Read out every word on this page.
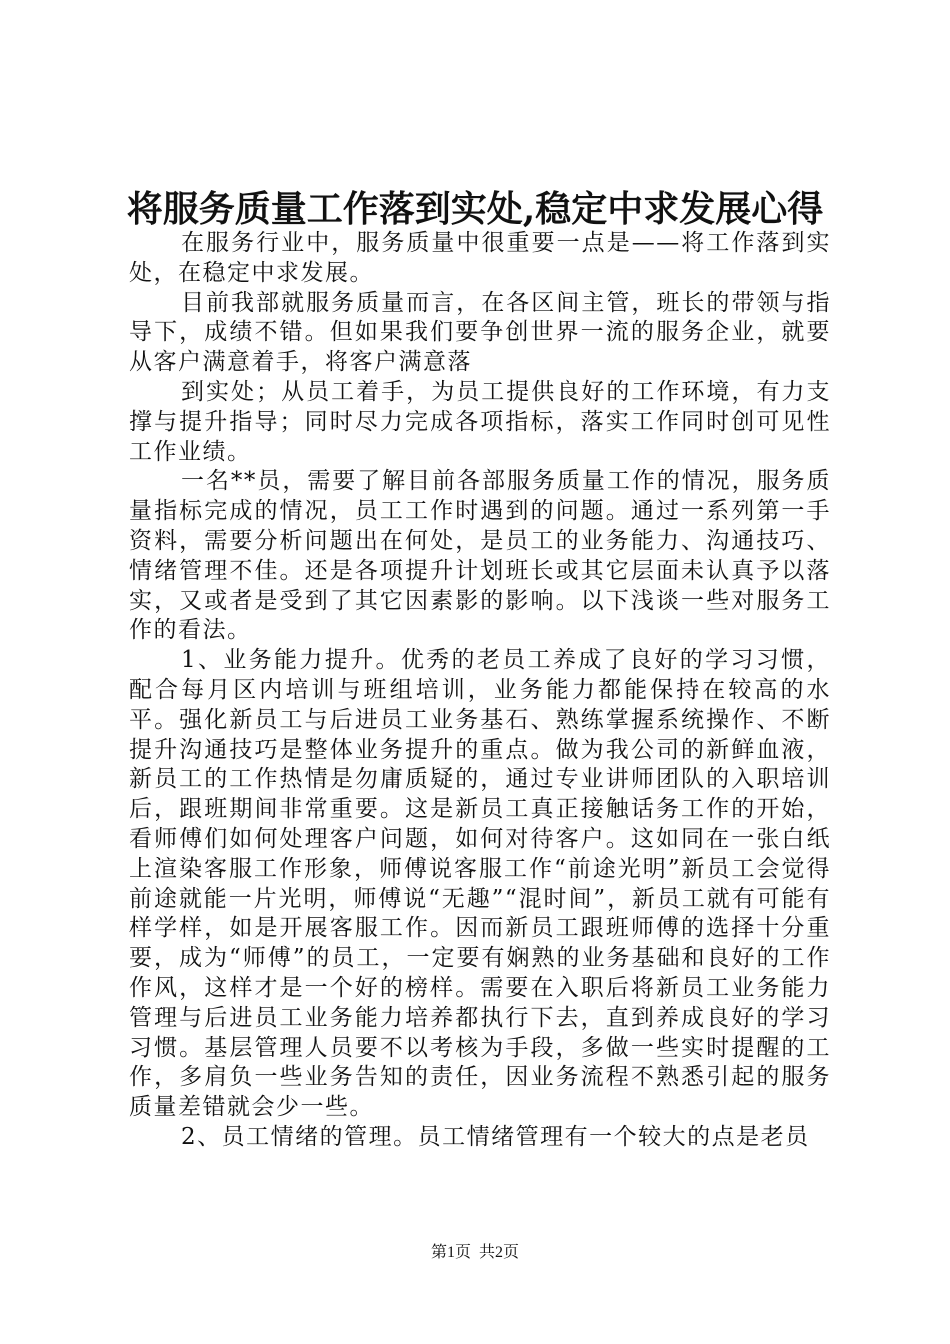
将服务质量工作落到实处,稳定中求发展心得

在服务行业中，服务质量中很重要一点是——将工作落到实处，在稳定中求发展。

目前我部就服务质量而言，在各区间主管，班长的带领与指导下，成绩不错。但如果我们要争创世界一流的服务企业，就要从客户满意着手，将客户满意落

到实处；从员工着手，为员工提供良好的工作环境，有力支撑与提升指导；同时尽力完成各项指标，落实工作同时创可见性工作业绩。

一名**员，需要了解目前各部服务质量工作的情况，服务质量指标完成的情况，员工工作时遇到的问题。通过一系列第一手资料，需要分析问题出在何处，是员工的业务能力、沟通技巧、情绪管理不佳。还是各项提升计划班长或其它层面未认真予以落实，又或者是受到了其它因素影的影响。以下浅谈一些对服务工作的看法。

1、业务能力提升。优秀的老员工养成了良好的学习习惯，配合每月区内培训与班组培训，业务能力都能保持在较高的水平。强化新员工与后进员工业务基石、熟练掌握系统操作、不断提升沟通技巧是整体业务提升的重点。做为我公司的新鲜血液，新员工的工作热情是勿庸质疑的，通过专业讲师团队的入职培训后，跟班期间非常重要。这是新员工真正接触话务工作的开始，看师傅们如何处理客户问题，如何对待客户。这如同在一张白纸上渲染客服工作形象，师傅说客服工作“前途光明”新员工会觉得前途就能一片光明，师傅说“无趣”“混时间”，新员工就有可能有样学样，如是开展客服工作。因而新员工跟班师傅的选择十分重要，成为“师傅”的员工，一定要有娴熟的业务基础和良好的工作作风，这样才是一个好的榜样。需要在入职后将新员工业务能力管理与后进员工业务能力培养都执行下去，直到养成良好的学习习惯。基层管理人员要不以考核为手段，多做一些实时提醒的工作，多肩负一些业务告知的责任，因业务流程不熟悉引起的服务质量差错就会少一些。

2、员工情绪的管理。员工情绪管理有一个较大的点是老员

第1页 共2页
